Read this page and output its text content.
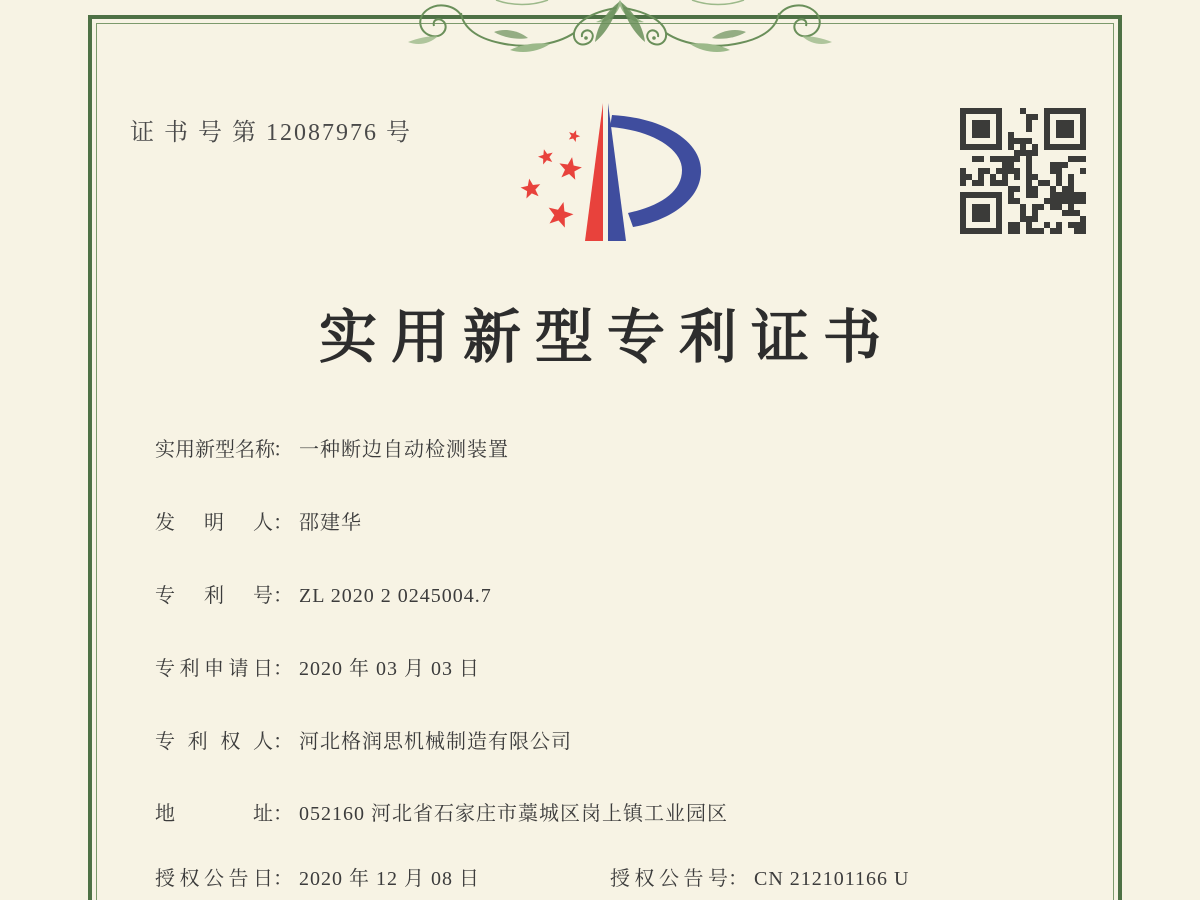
证 书 号 第 12087976 号
实用新型专利证书
实用新型名称： 一种断边自动检测装置
发明人： 邵建华
专利号： ZL 2020 2 0245004.7
专利申请日： 2020 年 03 月 03 日
专利权人： 河北格润思机械制造有限公司
地址： 052160 河北省石家庄市藁城区岗上镇工业园区
授权公告日： 2020 年 12 月 08 日	授权公告号： CN 212101166 U
